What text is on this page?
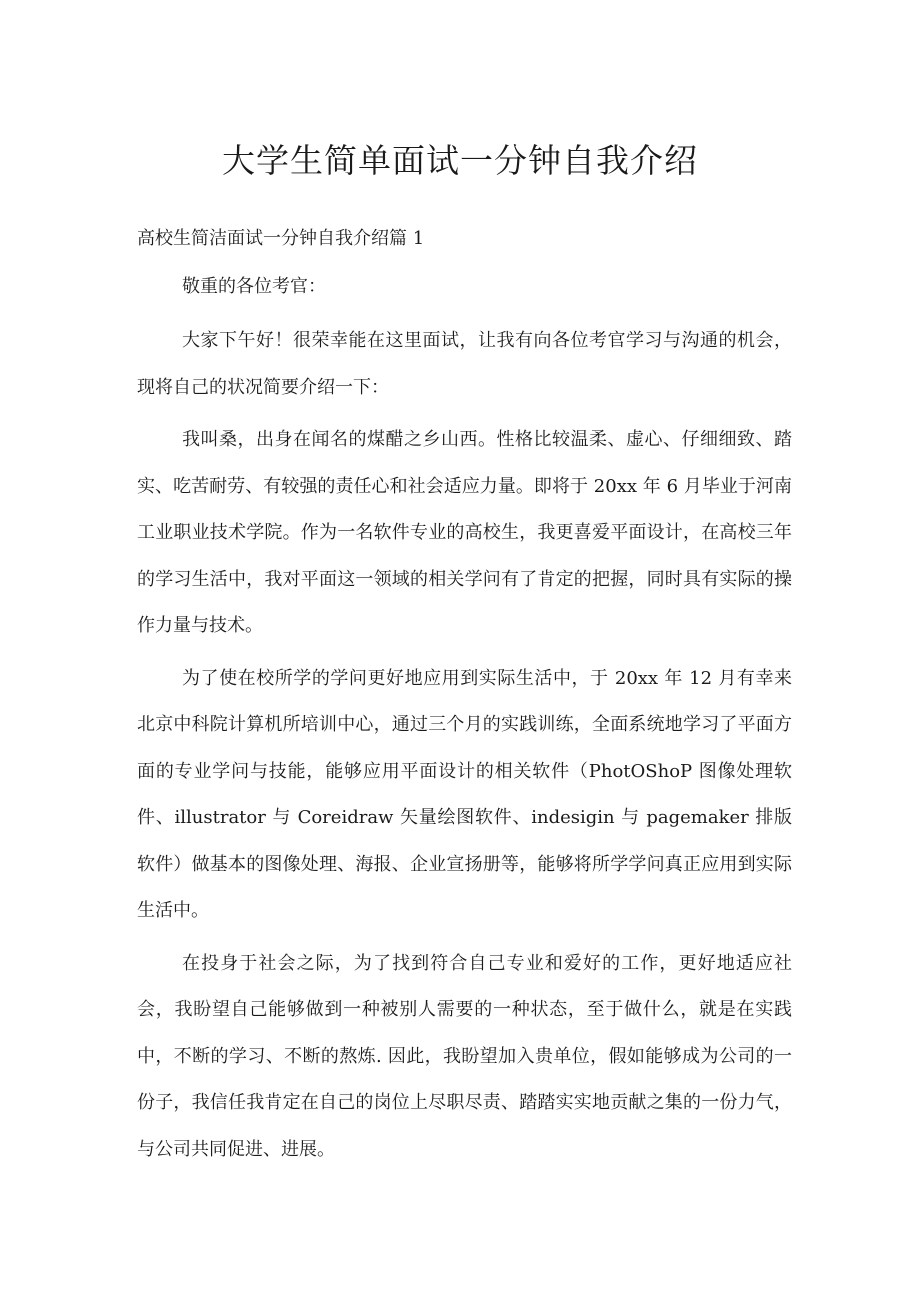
大学生简单面试一分钟自我介绍

高校生简洁面试一分钟自我介绍篇 1

敬重的各位考官：

大家下午好！很荣幸能在这里面试，让我有向各位考官学习与沟通的机会，现将自己的状况简要介绍一下：

我叫桑，出身在闻名的煤醋之乡山西。性格比较温柔、虚心、仔细细致、踏实、吃苦耐劳、有较强的责任心和社会适应力量。即将于 20xx 年 6 月毕业于河南工业职业技术学院。作为一名软件专业的高校生，我更喜爱平面设计，在高校三年的学习生活中，我对平面这一领域的相关学问有了肯定的把握，同时具有实际的操作力量与技术。

为了使在校所学的学问更好地应用到实际生活中，于 20xx 年 12 月有幸来北京中科院计算机所培训中心，通过三个月的实践训练，全面系统地学习了平面方面的专业学问与技能，能够应用平面设计的相关软件（PhotOShoP 图像处理软件、illustrator 与 Coreidraw 矢量绘图软件、indesigin 与 pagemaker 排版软件）做基本的图像处理、海报、企业宣扬册等，能够将所学学问真正应用到实际生活中。

在投身于社会之际，为了找到符合自己专业和爱好的工作，更好地适应社会，我盼望自己能够做到一种被别人需要的一种状态，至于做什么，就是在实践中，不断的学习、不断的熬炼. 因此，我盼望加入贵单位，假如能够成为公司的一份子，我信任我肯定在自己的岗位上尽职尽责、踏踏实实地贡献之集的一份力气，与公司共同促进、进展。
